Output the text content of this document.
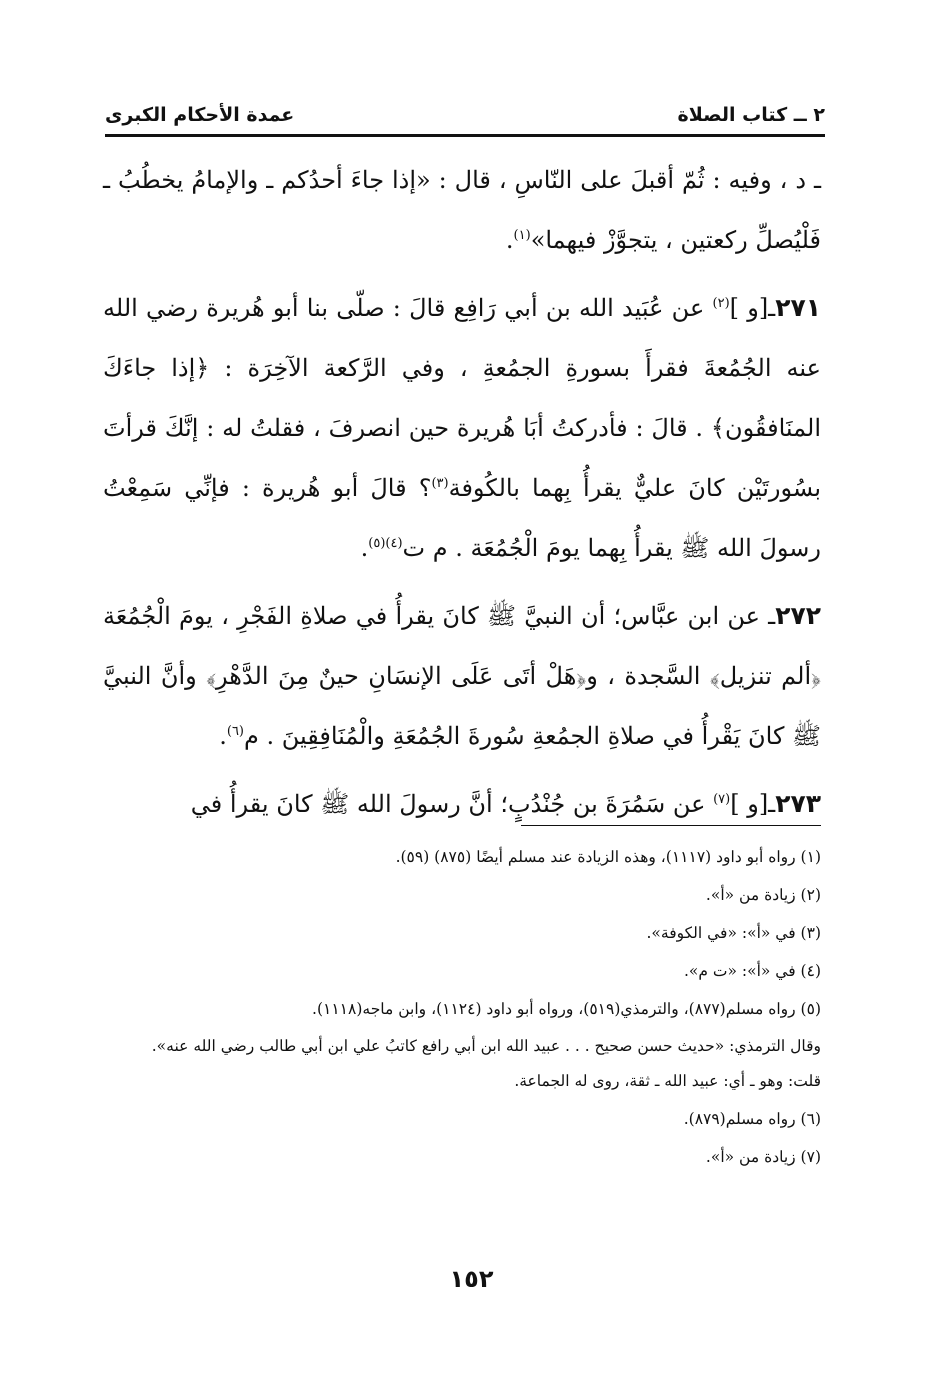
٢ ــ كتاب الصلاة
عمدة الأحكام الكبرى

ـ د ، وفيه : ثُمّ أقبلَ على النّاسِ ، قال : «إذا جاءَ أحدُكم ـ والإمامُ يخطُبُ ـ فَلْيُصلِّ ركعتين ، يتجوَّزْ فيهما»$^{(١)}$.

٢٧١ـ[و ]$^{(٢)}$ عن عُبَيد الله بن أبي رَافِع قالَ : صلّى بنا أبو هُريرة رضي الله عنه الجُمُعةَ فقرأَ بسورةِ الجمُعةِ ، وفي الرَّكعة الآخِرَة : ﴿إذا جاءَكَ المنَافقُون﴾ . قالَ : فأدركتُ أبَا هُريرة حين انصرفَ ، فقلتُ له : إنَّكَ قرأتَ بسُورتَيْن كانَ عليٌّ يقرأُ بِهما بالكُوفة$^{(٣)}$؟ قالَ أبو هُريرة : فإنِّي سَمِعْتُ رسولَ الله ﷺ يقرأُ بِهما يومَ الْجُمُعَة . م ت$^{(٤)(٥)}$.

٢٧٢ـ عن ابن عبَّاس؛ أن النبيَّ ﷺ كانَ يقرأُ في صلاةِ الفَجْرِ ، يومَ الْجُمُعَة ﴿ألم تنزيل﴾ السَّجدة ، و﴿هَلْ أتَى عَلَى الإنسَانِ حينٌ مِنَ الدَّهْرِ﴾ وأنَّ النبيَّ ﷺ كانَ يَقْرأُ في صلاةِ الجمُعةِ سُورةَ الجُمُعَةِ والْمُنَافِقِينَ . م$^{(٦)}$.

٢٧٣ـ[و ]$^{(٧)}$ عن سَمُرَةَ بن جُنْدُبٍ؛ أنَّ رسولَ الله ﷺ كانَ يقرأُ في

(١) رواه أبو داود (١١١٧)، وهذه الزيادة عند مسلم أيضًا (٨٧٥) (٥٩).

(٢) زيادة من «أ».

(٣) في «أ»: «في الكوفة».

(٤) في «أ»: «ت م».

(٥) رواه مسلم(٨٧٧)، والترمذي(٥١٩)، ورواه أبو داود (١١٢٤)، وابن ماجه(١١١٨).

وقال الترمذي: «حديث حسن صحيح . . . عبيد الله ابن أبي رافع كاتبُ علي ابن أبي طالب رضي الله عنه».

قلت: وهو ـ أي: عبيد الله ـ ثقة، روى له الجماعة.

(٦) رواه مسلم(٨٧٩).

(٧) زيادة من «أ».

١٥٢
